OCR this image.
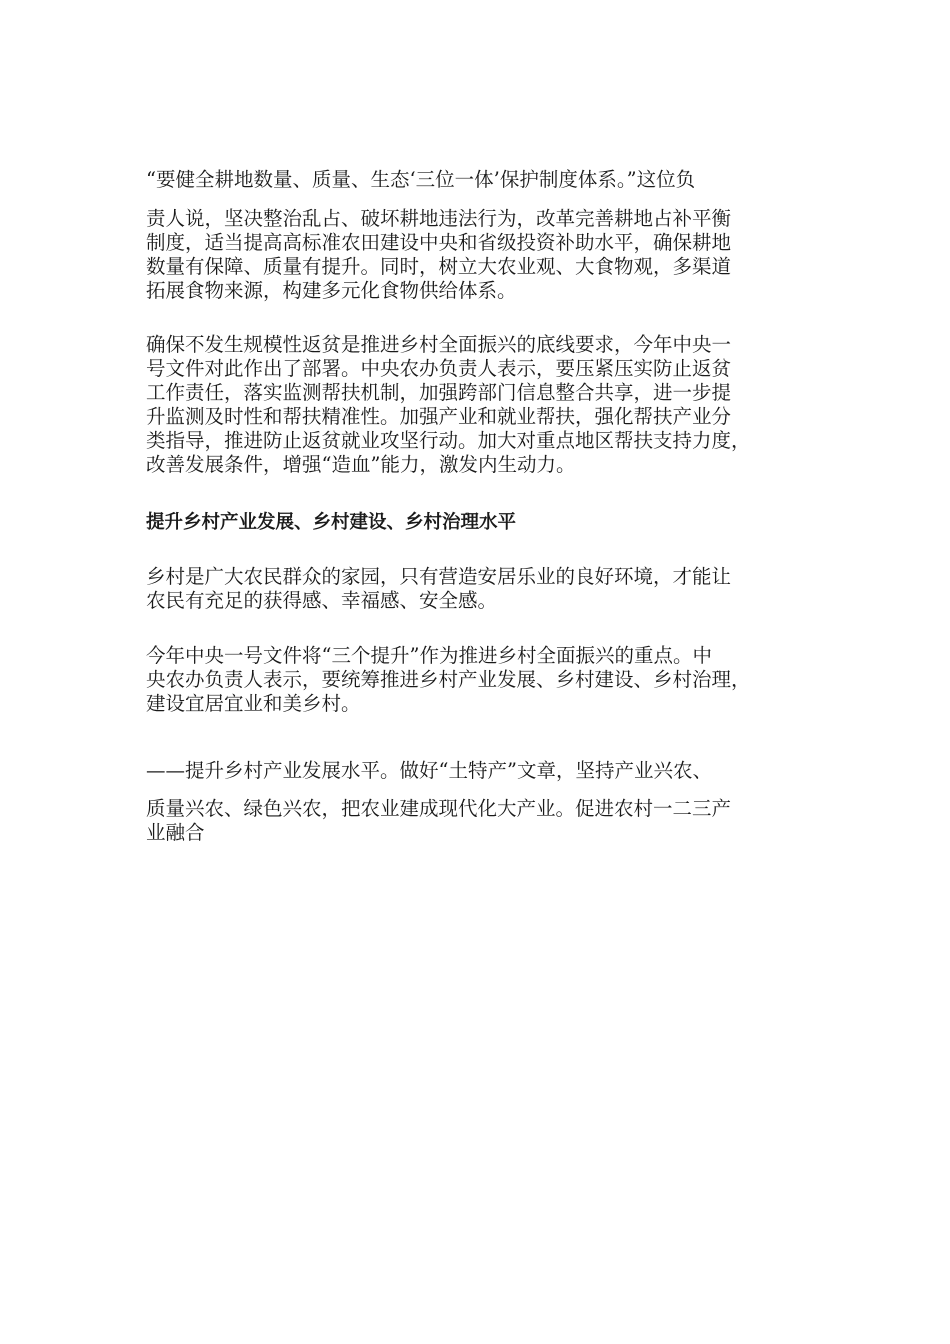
“要健全耕地数量、质量、生态‘三位一体’保护制度体系。”这位负

责人说，坚决整治乱占、破坏耕地违法行为，改革完善耕地占补平衡
制度，适当提高高标准农田建设中央和省级投资补助水平，确保耕地
数量有保障、质量有提升。同时，树立大农业观、大食物观，多渠道
拓展食物来源，构建多元化食物供给体系。

确保不发生规模性返贫是推进乡村全面振兴的底线要求，今年中央一
号文件对此作出了部署。中央农办负责人表示，要压紧压实防止返贫
工作责任，落实监测帮扶机制，加强跨部门信息整合共享，进一步提
升监测及时性和帮扶精准性。加强产业和就业帮扶，强化帮扶产业分
类指导，推进防止返贫就业攻坚行动。加大对重点地区帮扶支持力度，
改善发展条件，增强“造血”能力，激发内生动力。

提升乡村产业发展、乡村建设、乡村治理水平

乡村是广大农民群众的家园，只有营造安居乐业的良好环境，才能让
农民有充足的获得感、幸福感、安全感。

今年中央一号文件将“三个提升”作为推进乡村全面振兴的重点。中
央农办负责人表示，要统筹推进乡村产业发展、乡村建设、乡村治理，
建设宜居宜业和美乡村。

——提升乡村产业发展水平。做好“土特产”文章，坚持产业兴农、

质量兴农、绿色兴农，把农业建成现代化大产业。促进农村一二三产
业融合
